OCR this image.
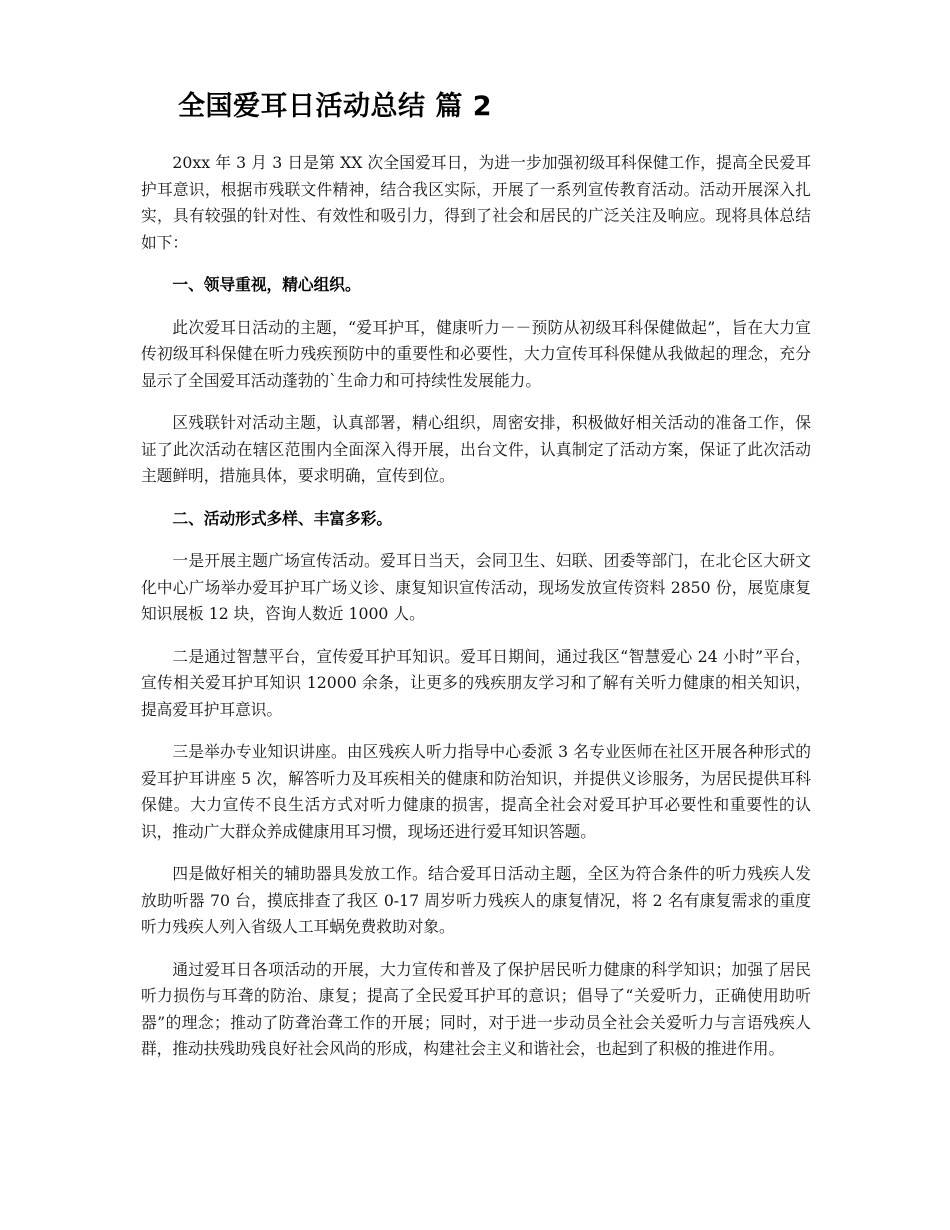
全国爱耳日活动总结 篇 2

20xx 年 3 月 3 日是第 XX 次全国爱耳日，为进一步加强初级耳科保健工作，提高全民爱耳护耳意识，根据市残联文件精神，结合我区实际，开展了一系列宣传教育活动。活动开展深入扎实，具有较强的针对性、有效性和吸引力，得到了社会和居民的广泛关注及响应。现将具体总结如下：

一、领导重视，精心组织。

此次爱耳日活动的主题，“爱耳护耳，健康听力－－预防从初级耳科保健做起”，旨在大力宣传初级耳科保健在听力残疾预防中的重要性和必要性，大力宣传耳科保健从我做起的理念，充分显示了全国爱耳活动蓬勃的`生命力和可持续性发展能力。

区残联针对活动主题，认真部署，精心组织，周密安排，积极做好相关活动的准备工作，保证了此次活动在辖区范围内全面深入得开展，出台文件，认真制定了活动方案，保证了此次活动主题鲜明，措施具体，要求明确，宣传到位。

二、活动形式多样、丰富多彩。

一是开展主题广场宣传活动。爱耳日当天，会同卫生、妇联、团委等部门，在北仑区大研文化中心广场举办爱耳护耳广场义诊、康复知识宣传活动，现场发放宣传资料 2850 份，展览康复知识展板 12 块，咨询人数近 1000 人。

二是通过智慧平台，宣传爱耳护耳知识。爱耳日期间，通过我区“智慧爱心 24 小时”平台，宣传相关爱耳护耳知识 12000 余条，让更多的残疾朋友学习和了解有关听力健康的相关知识，提高爱耳护耳意识。

三是举办专业知识讲座。由区残疾人听力指导中心委派 3 名专业医师在社区开展各种形式的爱耳护耳讲座 5 次，解答听力及耳疾相关的健康和防治知识，并提供义诊服务，为居民提供耳科保健。大力宣传不良生活方式对听力健康的损害，提高全社会对爱耳护耳必要性和重要性的认识，推动广大群众养成健康用耳习惯，现场还进行爱耳知识答题。

四是做好相关的辅助器具发放工作。结合爱耳日活动主题，全区为符合条件的听力残疾人发放助听器 70 台，摸底排查了我区 0-17 周岁听力残疾人的康复情况，将 2 名有康复需求的重度听力残疾人列入省级人工耳蜗免费救助对象。

通过爱耳日各项活动的开展，大力宣传和普及了保护居民听力健康的科学知识；加强了居民听力损伤与耳聋的防治、康复；提高了全民爱耳护耳的意识；倡导了“关爱听力，正确使用助听器”的理念；推动了防聋治聋工作的开展；同时，对于进一步动员全社会关爱听力与言语残疾人群，推动扶残助残良好社会风尚的形成，构建社会主义和谐社会，也起到了积极的推进作用。
